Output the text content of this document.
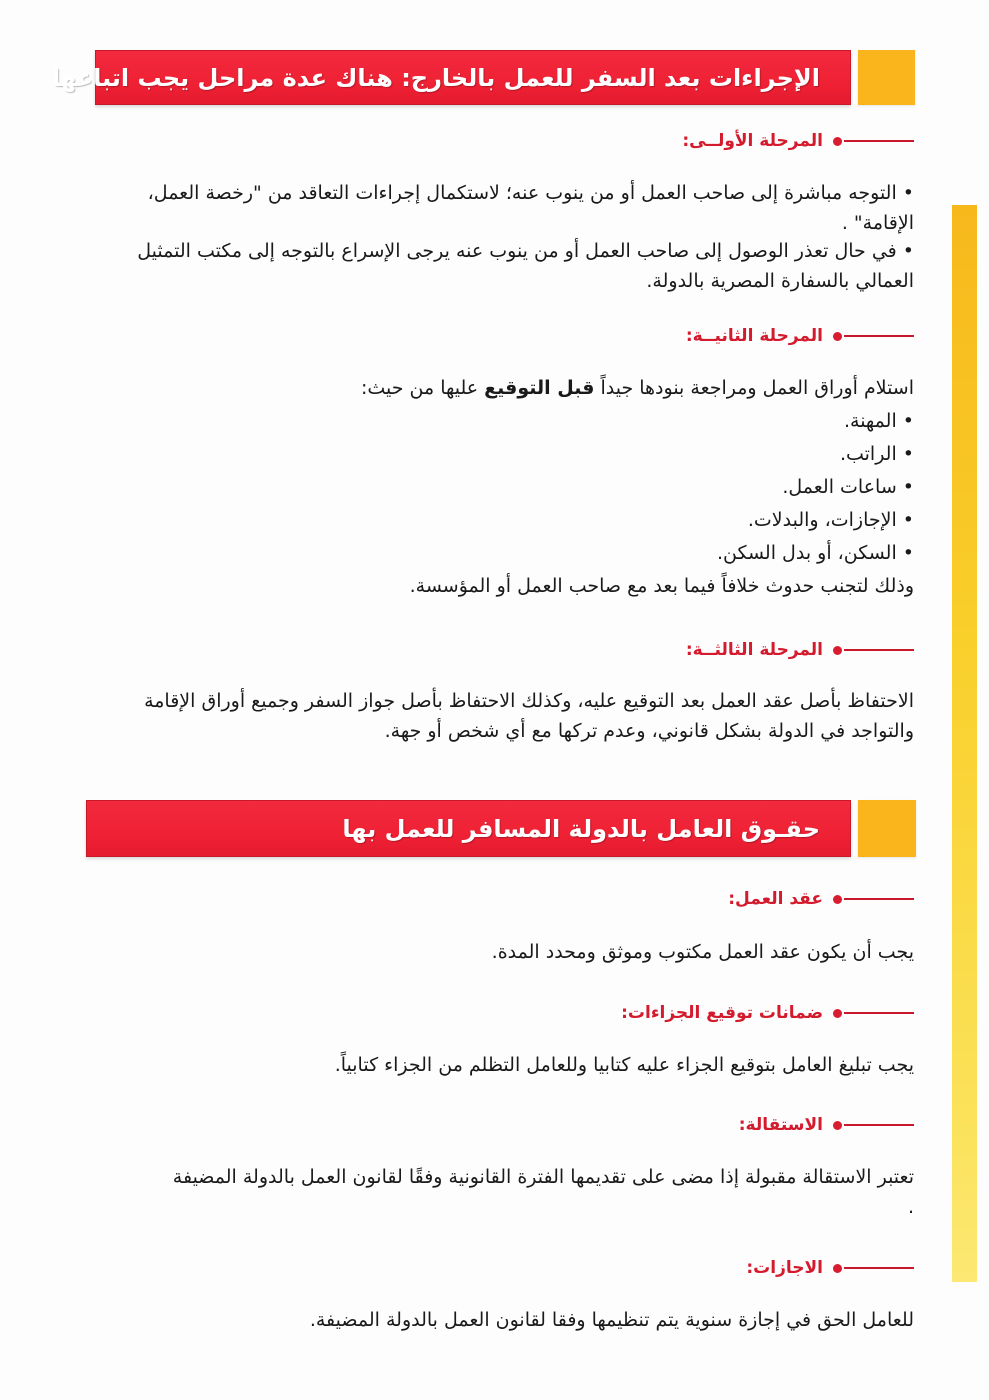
الإجراءات بعد السفر للعمل بالخارج: هناك عدة مراحل يجب اتباعها
المرحلة الأولــى:
• التوجه مباشرة إلى صاحب العمل أو من ينوب عنه؛ لاستكمال إجراءات التعاقد من "رخصة العمل، الإقامة" .
• في حال تعذر الوصول إلى صاحب العمل أو من ينوب عنه يرجى الإسراع بالتوجه إلى مكتب التمثيل العمالي بالسفارة المصرية بالدولة.
المرحلة الثانيــة:
استلام أوراق العمل ومراجعة بنودها جيداً قبل التوقيع عليها من حيث:
• المهنة.
• الراتب.
• ساعات العمل.
• الإجازات، والبدلات.
• السكن، أو بدل السكن.
وذلك لتجنب حدوث خلافاً فيما بعد مع صاحب العمل أو المؤسسة.
المرحلة الثالثــة:
الاحتفاظ بأصل عقد العمل بعد التوقيع عليه، وكذلك الاحتفاظ بأصل جواز السفر وجميع أوراق الإقامة والتواجد في الدولة بشكل قانوني، وعدم تركها مع أي شخص أو جهة.
حقـوق العامل بالدولة المسافر للعمل بها
عقد العمل:
يجب أن يكون عقد العمل مكتوب وموثق ومحدد المدة.
ضمانات توقيع الجزاءات:
يجب تبليغ العامل بتوقيع الجزاء عليه كتابيا وللعامل التظلم من الجزاء كتابياً.
الاستقالة:
تعتبر الاستقالة مقبولة إذا مضى على تقديمها الفترة القانونية وفقًا لقانون العمل بالدولة المضيفة .
الاجازات:
للعامل الحق في إجازة سنوية يتم تنظيمها وفقا لقانون العمل بالدولة المضيفة.
